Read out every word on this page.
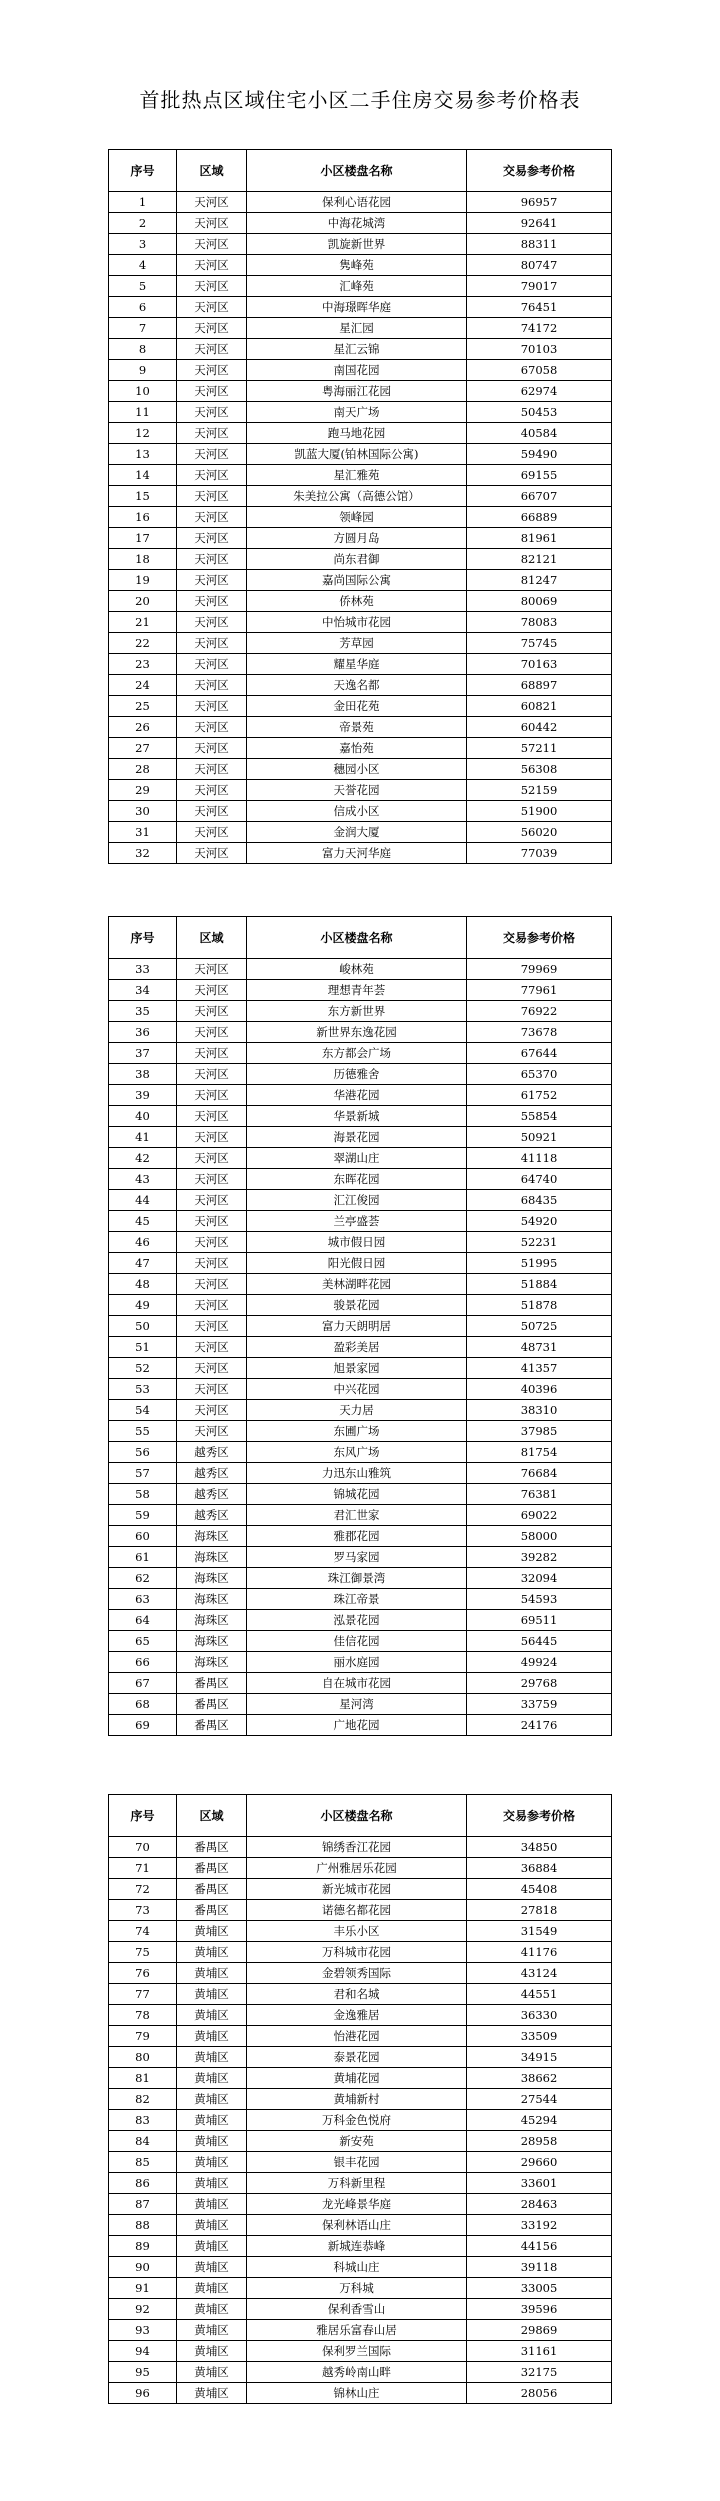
首批热点区域住宅小区二手住房交易参考价格表
序号	区域	小区楼盘名称	交易参考价格
1	天河区	保利心语花园	96957
2	天河区	中海花城湾	92641
3	天河区	凯旋新世界	88311
4	天河区	隽峰苑	80747
5	天河区	汇峰苑	79017
6	天河区	中海璟晖华庭	76451
7	天河区	星汇园	74172
8	天河区	星汇云锦	70103
9	天河区	南国花园	67058
10	天河区	粤海丽江花园	62974
11	天河区	南天广场	50453
12	天河区	跑马地花园	40584
13	天河区	凯蓝大厦(铂林国际公寓)	59490
14	天河区	星汇雅苑	69155
15	天河区	朱美拉公寓（高德公馆）	66707
16	天河区	领峰园	66889
17	天河区	方圆月岛	81961
18	天河区	尚东君御	82121
19	天河区	嘉尚国际公寓	81247
20	天河区	侨林苑	80069
21	天河区	中怡城市花园	78083
22	天河区	芳草园	75745
23	天河区	耀星华庭	70163
24	天河区	天逸名都	68897
25	天河区	金田花苑	60821
26	天河区	帝景苑	60442
27	天河区	嘉怡苑	57211
28	天河区	穗园小区	56308
29	天河区	天誉花园	52159
30	天河区	信成小区	51900
31	天河区	金润大厦	56020
32	天河区	富力天河华庭	77039
序号	区域	小区楼盘名称	交易参考价格
33	天河区	峻林苑	79969
34	天河区	理想青年荟	77961
35	天河区	东方新世界	76922
36	天河区	新世界东逸花园	73678
37	天河区	东方都会广场	67644
38	天河区	历德雅舍	65370
39	天河区	华港花园	61752
40	天河区	华景新城	55854
41	天河区	海景花园	50921
42	天河区	翠湖山庄	41118
43	天河区	东晖花园	64740
44	天河区	汇江俊园	68435
45	天河区	兰亭盛荟	54920
46	天河区	城市假日园	52231
47	天河区	阳光假日园	51995
48	天河区	美林湖畔花园	51884
49	天河区	骏景花园	51878
50	天河区	富力天朗明居	50725
51	天河区	盈彩美居	48731
52	天河区	旭景家园	41357
53	天河区	中兴花园	40396
54	天河区	天力居	38310
55	天河区	东圃广场	37985
56	越秀区	东风广场	81754
57	越秀区	力迅东山雅筑	76684
58	越秀区	锦城花园	76381
59	越秀区	君汇世家	69022
60	海珠区	雅郡花园	58000
61	海珠区	罗马家园	39282
62	海珠区	珠江御景湾	32094
63	海珠区	珠江帝景	54593
64	海珠区	泓景花园	69511
65	海珠区	佳信花园	56445
66	海珠区	丽水庭园	49924
67	番禺区	自在城市花园	29768
68	番禺区	星河湾	33759
69	番禺区	广地花园	24176
序号	区域	小区楼盘名称	交易参考价格
70	番禺区	锦绣香江花园	34850
71	番禺区	广州雅居乐花园	36884
72	番禺区	新光城市花园	45408
73	番禺区	诺德名都花园	27818
74	黄埔区	丰乐小区	31549
75	黄埔区	万科城市花园	41176
76	黄埔区	金碧领秀国际	43124
77	黄埔区	君和名城	44551
78	黄埔区	金逸雅居	36330
79	黄埔区	怡港花园	33509
80	黄埔区	泰景花园	34915
81	黄埔区	黄埔花园	38662
82	黄埔区	黄埔新村	27544
83	黄埔区	万科金色悦府	45294
84	黄埔区	新安苑	28958
85	黄埔区	银丰花园	29660
86	黄埔区	万科新里程	33601
87	黄埔区	龙光峰景华庭	28463
88	黄埔区	保利林语山庄	33192
89	黄埔区	新城连恭峰	44156
90	黄埔区	科城山庄	39118
91	黄埔区	万科城	33005
92	黄埔区	保利香雪山	39596
93	黄埔区	雅居乐富春山居	29869
94	黄埔区	保利罗兰国际	31161
95	黄埔区	越秀岭南山畔	32175
96	黄埔区	锦林山庄	28056
